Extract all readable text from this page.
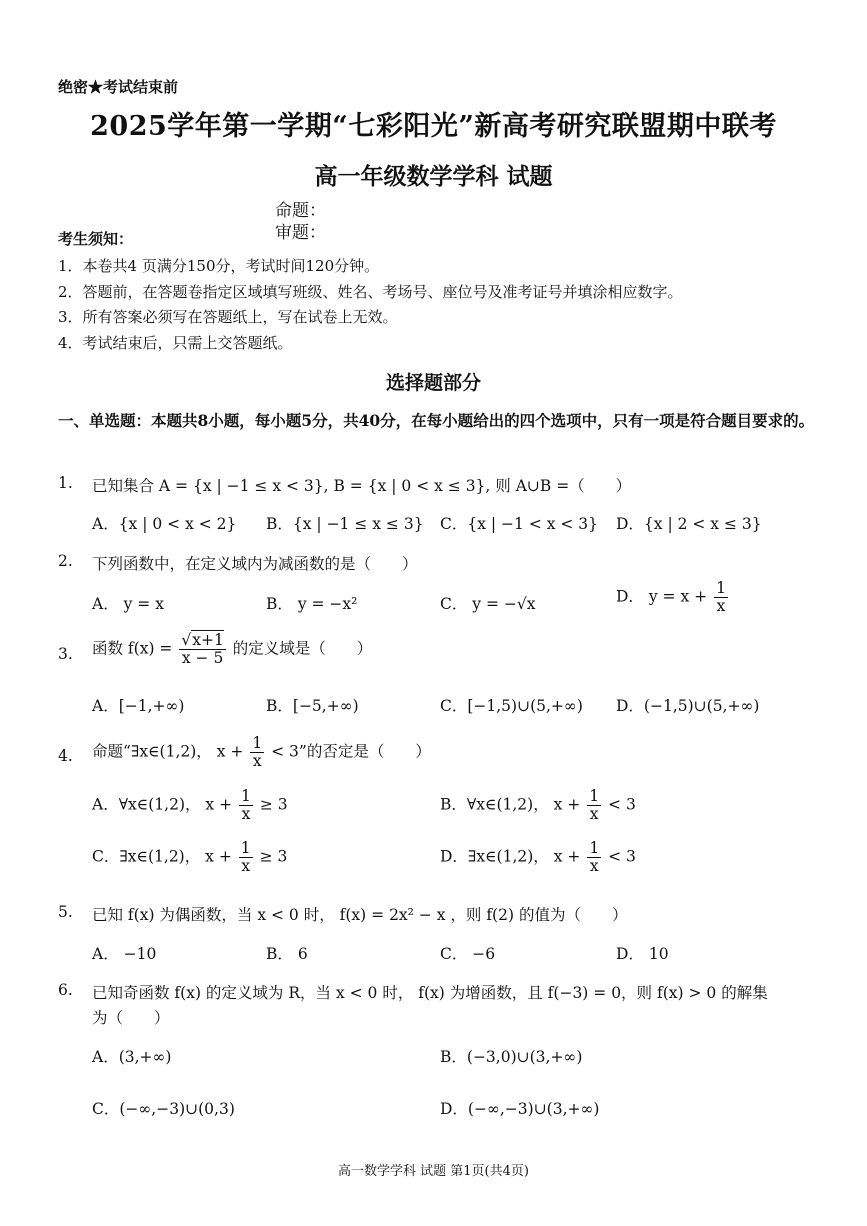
绝密★考试结束前
2025学年第一学期“七彩阳光”新高考研究联盟期中联考
高一年级数学学科 试题
命题：
审题：
考生须知：
1．本卷共4 页满分150分，考试时间120分钟。
2．答题前，在答题卷指定区域填写班级、姓名、考场号、座位号及准考证号并填涂相应数字。
3．所有答案必须写在答题纸上，写在试卷上无效。
4．考试结束后，只需上交答题纸。
选择题部分
一、单选题：本题共8小题，每小题5分，共40分，在每小题给出的四个选项中，只有一项是符合题目要求的。
1. 已知集合 A = {x | −1 ≤ x < 3}, B = {x | 0 < x ≤ 3}, 则 A∪B =（　　）
A．{x | 0 < x < 2} B．{x | −1 ≤ x ≤ 3} C．{x | −1 < x < 3} D．{x | 2 < x ≤ 3}
2. 下列函数中，在定义域内为减函数的是（　　）
A． y = x	B． y = −x²	C． y = −√x	D． $y = x + \frac{1}{x}$
3. 函数 $f(x) = \frac{√x+1}{x - 5}$ 的定义域是（　　）
A．[−1,+∞)	B．[−5,+∞)	C．[−1,5)∪(5,+∞) D．(−1,5)∪(5,+∞)
4. 命题“∃x∈(1,2)， $x + \frac{1}{x} < 3$”的否定是（　　）
A．∀x∈(1,2)， $x + \frac{1}{x} \ge 3$	B．∀x∈(1,2)， $x + \frac{1}{x} < 3$
C．∃x∈(1,2)， $x + \frac{1}{x} \ge 3$	D．∃x∈(1,2)， $x + \frac{1}{x} < 3$
5. 已知 f(x) 为偶函数，当 x < 0 时， f(x) = 2x² − x ，则 f(2) 的值为（　　）
A． −10	B． 6	C． −6	D． 10
6. 已知奇函数 f(x) 的定义域为 R，当 x < 0 时， f(x) 为增函数，且 f(−3) = 0，则 f(x) > 0 的解集
为（　　）
A．(3,+∞)	B．(−3,0)∪(3,+∞)
C．(−∞,−3)∪(0,3)	D．(−∞,−3)∪(3,+∞)
高一数学学科 试题 第1页(共4页)
